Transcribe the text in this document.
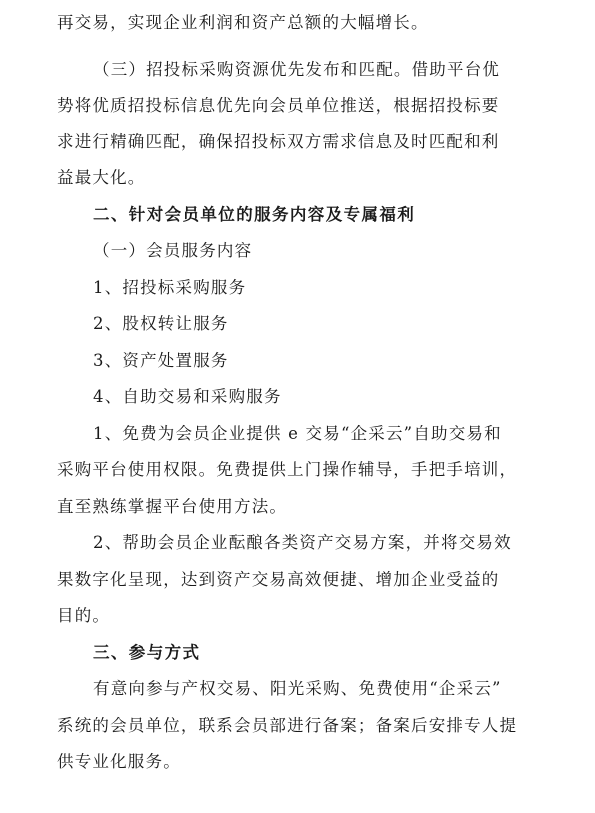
再交易，实现企业利润和资产总额的大幅增长。
（三）招投标采购资源优先发布和匹配。借助平台优
势将优质招投标信息优先向会员单位推送，根据招投标要
求进行精确匹配，确保招投标双方需求信息及时匹配和利
益最大化。
二、针对会员单位的服务内容及专属福利
（一）会员服务内容
1、招投标采购服务
2、股权转让服务
3、资产处置服务
4、自助交易和采购服务
1、免费为会员企业提供 e 交易“企采云”自助交易和
采购平台使用权限。免费提供上门操作辅导，手把手培训，
直至熟练掌握平台使用方法。
2、帮助会员企业酝酿各类资产交易方案，并将交易效
果数字化呈现，达到资产交易高效便捷、增加企业受益的
目的。
三、参与方式
有意向参与产权交易、阳光采购、免费使用“企采云”
系统的会员单位，联系会员部进行备案；备案后安排专人提
供专业化服务。
